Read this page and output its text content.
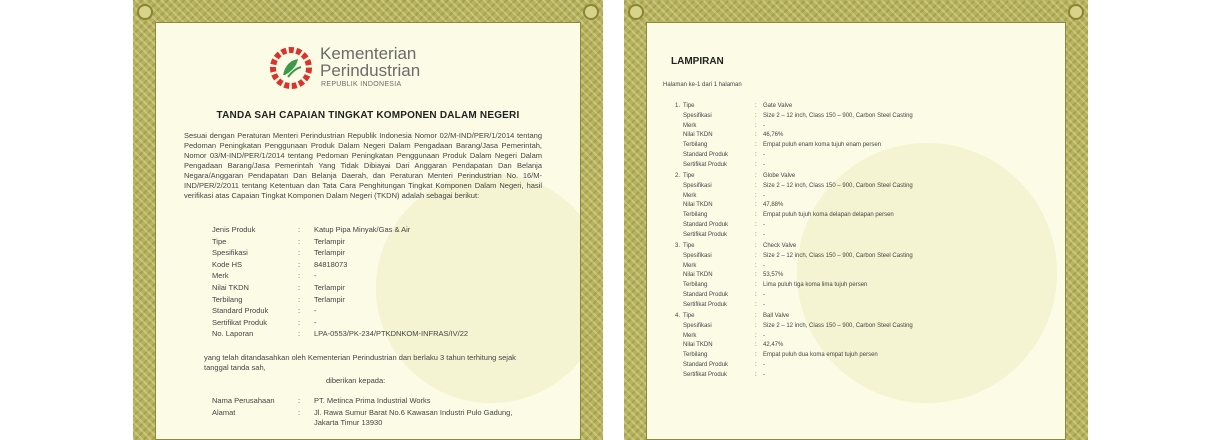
Kementerian
Perindustrian
REPUBLIK INDONESIA
TANDA SAH CAPAIAN TINGKAT KOMPONEN DALAM NEGERI
Sesuai dengan Peraturan Menteri Perindustrian Republik Indonesia Nomor 02/M-IND/PER/1/2014 tentang Pedoman Peningkatan Penggunaan Produk Dalam Negeri Dalam Pengadaan Barang/Jasa Pemerintah, Nomor 03/M-IND/PER/1/2014 tentang Pedoman Peningkatan Penggunaan Produk Dalam Negeri Dalam Pengadaan Barang/Jasa Pemerintah Yang Tidak Dibiayai Dari Anggaran Pendapatan Dan Belanja Negara/Anggaran Pendapatan Dan Belanja Daerah, dan Peraturan Menteri Perindustrian No. 16/M-IND/PER/2/2011 tentang Ketentuan dan Tata Cara Penghitungan Tingkat Komponen Dalam Negeri, hasil verifikasi atas Capaian Tingkat Komponen Dalam Negeri (TKDN) adalah sebagai berikut:
Jenis Produk	: Katup Pipa Minyak/Gas & Air
Tipe	: Terlampir
Spesifikasi	: Terlampir
Kode HS	: 84818073
Merk	: -
Nilai TKDN	: Terlampir
Terbilang	: Terlampir
Standard Produk	: -
Sertifikat Produk	: -
No. Laporan	: LPA-0553/PK-234/PTKDNKOM-INFRAS/IV/22
yang telah ditandasahkan oleh Kementerian Perindustrian dan berlaku 3 tahun terhitung sejak
tanggal tanda sah,
diberikan kepada:
Nama Perusahaan	: PT. Metinca Prima Industrial Works
Alamat	: Jl. Rawa Sumur Barat No.6 Kawasan Industri Pulo Gadung,
Jakarta Timur 13930
LAMPIRAN
Halaman ke-1 dari 1 halaman
1. Tipe	: Gate Valve
Spesifikasi	: Size 2 – 12 inch, Class 150 – 900, Carbon Steel Casting
Merk	: -
Nilai TKDN	: 46,76%
Terbilang	: Empat puluh enam koma tujuh enam persen
Standard Produk	: -
Sertifikat Produk	: -
2. Tipe	: Globe Valve
Spesifikasi	: Size 2 – 12 inch, Class 150 – 900, Carbon Steel Casting
Merk	: -
Nilai TKDN	: 47,88%
Terbilang	: Empat puluh tujuh koma delapan delapan persen
Standard Produk	: -
Sertifikat Produk	: -
3. Tipe	: Check Valve
Spesifikasi	: Size 2 – 12 inch, Class 150 – 900, Carbon Steel Casting
Merk	: -
Nilai TKDN	: 53,57%
Terbilang	: Lima puluh tiga koma lima tujuh persen
Standard Produk	: -
Sertifikat Produk	: -
4. Tipe	: Ball Valve
Spesifikasi	: Size 2 – 12 inch, Class 150 – 900, Carbon Steel Casting
Merk	: -
Nilai TKDN	: 42,47%
Terbilang	: Empat puluh dua koma empat tujuh persen
Standard Produk	: -
Sertifikat Produk	: -
